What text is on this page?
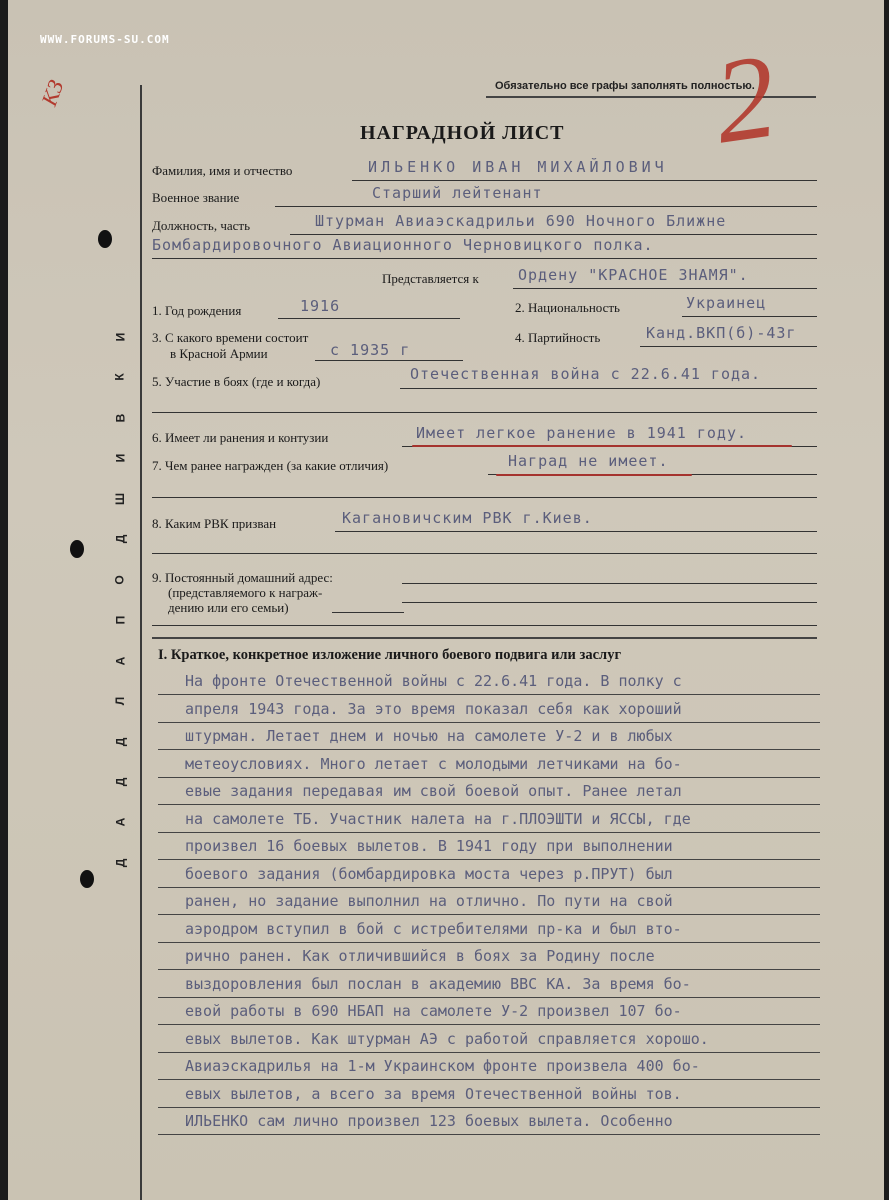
WWW.FORUMS-SU.COM
Обязательно все графы заполнять полностью.
2
КЗ
НАГРАДНОЙ ЛИСТ
Фамилия, имя и отчество	ИЛЬЕНКО ИВАН МИХАЙЛОВИЧ
Военное звание	Старший лейтенант
Должность, часть	Штурман Авиаэскадрильи 690 Ночного Ближне
Бомбардировочного Авиационного Черновицкого полка.
Представляется к	Ордену "КРАСНОЕ ЗНАМЯ".
1. Год рождения	1916	2. Национальность	Украинец
3. С какого времени состоит
в Красной Армии	с 1935 г
4. Партийность	Канд.ВКП(б)-43г
5. Участие в боях (где и когда)	Отечественная война с 22.6.41 года.
6. Имеет ли ранения и контузии	Имеет легкое ранение в 1941 году.
7. Чем ранее награжден (за какие отличия)	Наград не имеет.
8. Каким РВК призван	Кагановичским РВК г.Киев.
9. Постоянный домашний адрес:
(представляемого к награж-
дению или его семьи)
I. Краткое, конкретное изложение личного боевого подвига или заслуг
На фронте Отечественной войны с 22.6.41 года. В полку с
апреля 1943 года. За это время показал себя как хороший
штурман. Летает днем и ночью на самолете У-2 и в любых
метеоусловиях. Много летает с молодыми летчиками на бо-
евые задания передавая им свой боевой опыт. Ранее летал
на самолете ТБ. Участник налета на г.ПЛОЭШТИ и ЯССЫ, где
произвел 16 боевых вылетов. В 1941 году при выполнении
боевого задания (бомбардировка моста через р.ПРУТ) был
ранен, но задание выполнил на отлично. По пути на свой
аэродром вступил в бой с истребителями пр-ка и был вто-
рично ранен. Как отличившийся в боях за Родину после
выздоровления был послан в академию ВВС КА. За время бо-
евой работы в 690 НБАП на самолете У-2 произвел 107 бо-
евых вылетов. Как штурман АЭ с работой справляется хорошо.
Авиаэскадрилья на 1-м Украинском фронте произвела 400 бо-
евых вылетов, а всего за время Отечественной войны тов.
ИЛЬЕНКО сам лично произвел 123 боевых вылета. Особенно
И
К
В
И
Ш
Д
О
П
А
Л
Д
Д
А
Д
